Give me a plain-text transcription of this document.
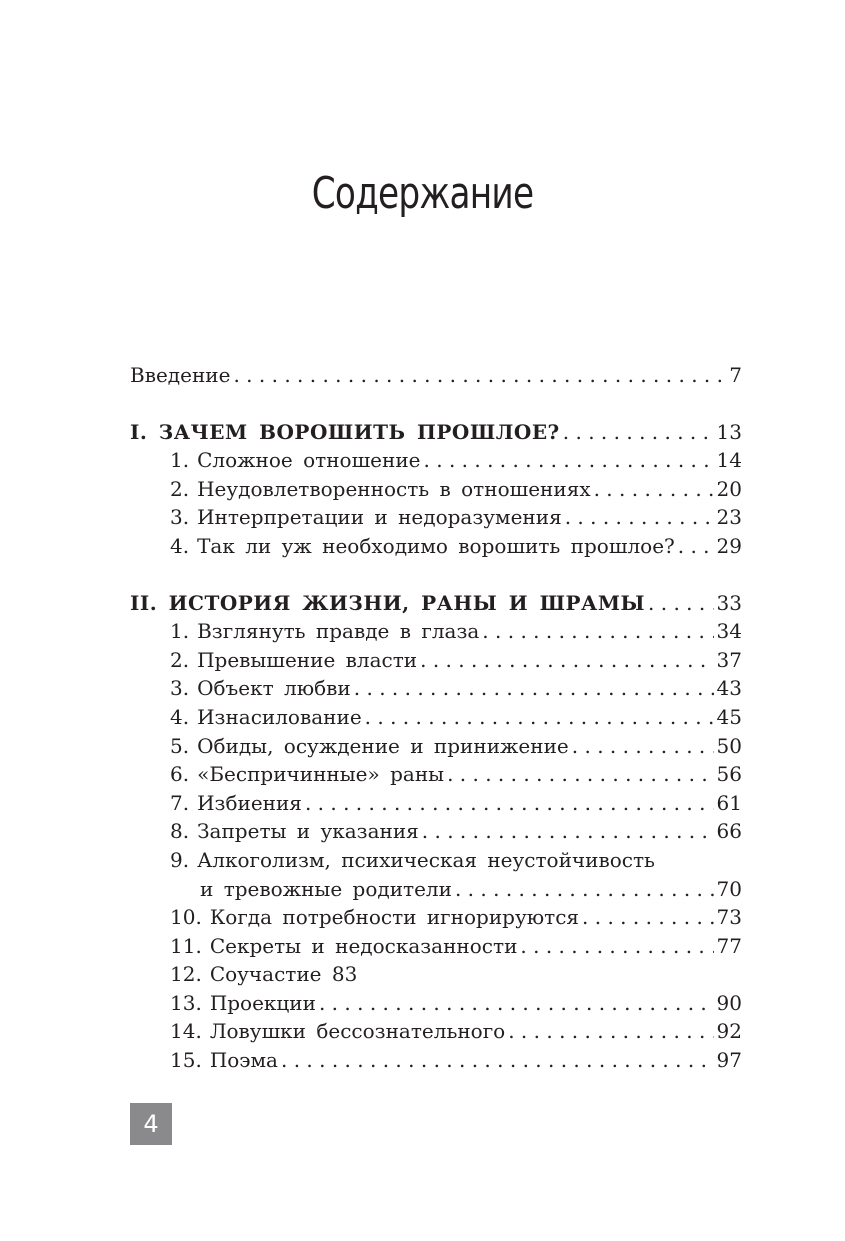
Содержание
Введение . . .	7
I. ЗАЧЕМ ВОРОШИТЬ ПРОШЛОЕ? . . .	13
1. Сложное отношение . . .	14
2. Неудовлетворенность в отношениях . . .	20
3. Интерпретации и недоразумения . . .	23
4. Так ли уж необходимо ворошить прошлое? . . . 29
II. ИСТОРИЯ ЖИЗНИ, РАНЫ И ШРАМЫ . . .	33
1. Взглянуть правде в глаза . . .	34
2. Превышение власти . . .	37
3. Объект любви . . .	43
4. Изнасилование . . .	45
5. Обиды, осуждение и принижение . . .	50
6. «Беспричинные» раны . . .	56
7. Избиения . . .	61
8. Запреты и указания . . .	66
9. Алкоголизм, психическая неустойчивость
и тревожные родители . . .	70
10. Когда потребности игнорируются . . .	73
11. Секреты и недосказанности . . .	77
12. Соучастие 83
13. Проекции . . .	90
14. Ловушки бессознательного . . .	92
15. Поэма . . .	97
4
